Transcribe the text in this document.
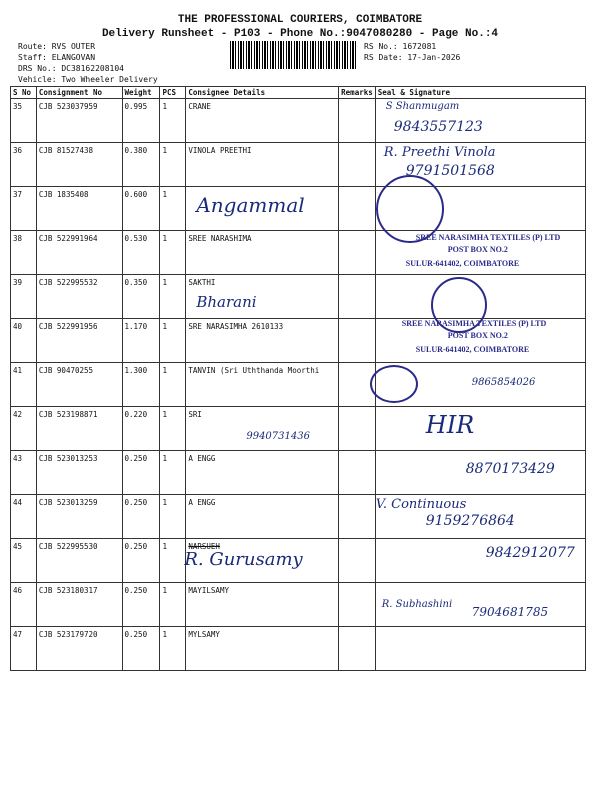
THE PROFESSIONAL COURIERS, COIMBATORE
Delivery Runsheet - P103 - Phone No.:9047080280 - Page No.:4
Route: RVS OUTER
Staff: ELANGOVAN
DRS No.: DC38162208104
Vehicle: Two Wheeler Delivery
RS No.: 1672081
RS Date: 17-Jan-2026
S No	Consignment No	Weight	PCS	Consignee Details	Remarks	Seal & Signature
35	CJB 523037959	0.995	1	CRANE		S Shanmugam
9843557123

36	CJB 81527438	0.380	1	VINOLA PREETHI		R. Preethi Vinola
9791501568

37	CJB 1835408	0.600	1	Angammal		

38	CJB 522991964	0.530	1	SREE NARASHIMA		SREE NARASIMHA TEXTILES (P) LTD
POST BOX NO.2
SULUR-641402, COIMBATORE

39	CJB 522995532	0.350	1	SAKTHI
Bharani		

40	CJB 522991956	1.170	1	SRE NARASIMHA 2610133		SREE NARASIMHA TEXTILES (P) LTD
POST BOX NO.2
SULUR-641402, COIMBATORE

41	CJB 90470255	1.300	1	TANVIN (Sri Uththanda Moorthi		9865854026

42	CJB 523198871	0.220	1	SRI
9940731436		HIR

43	CJB 523013253	0.250	1	A ENGG		8870173429

44	CJB 523013259	0.250	1	A ENGG		V. Continuous
9159276864

45	CJB 522995530	0.250	1	NARSUEH
R. Gurusamy		9842912077

46	CJB 523180317	0.250	1	MAYILSAMY		R. Subhashini
7904681785

47	CJB 523179720	0.250	1	MYLSAMY		
